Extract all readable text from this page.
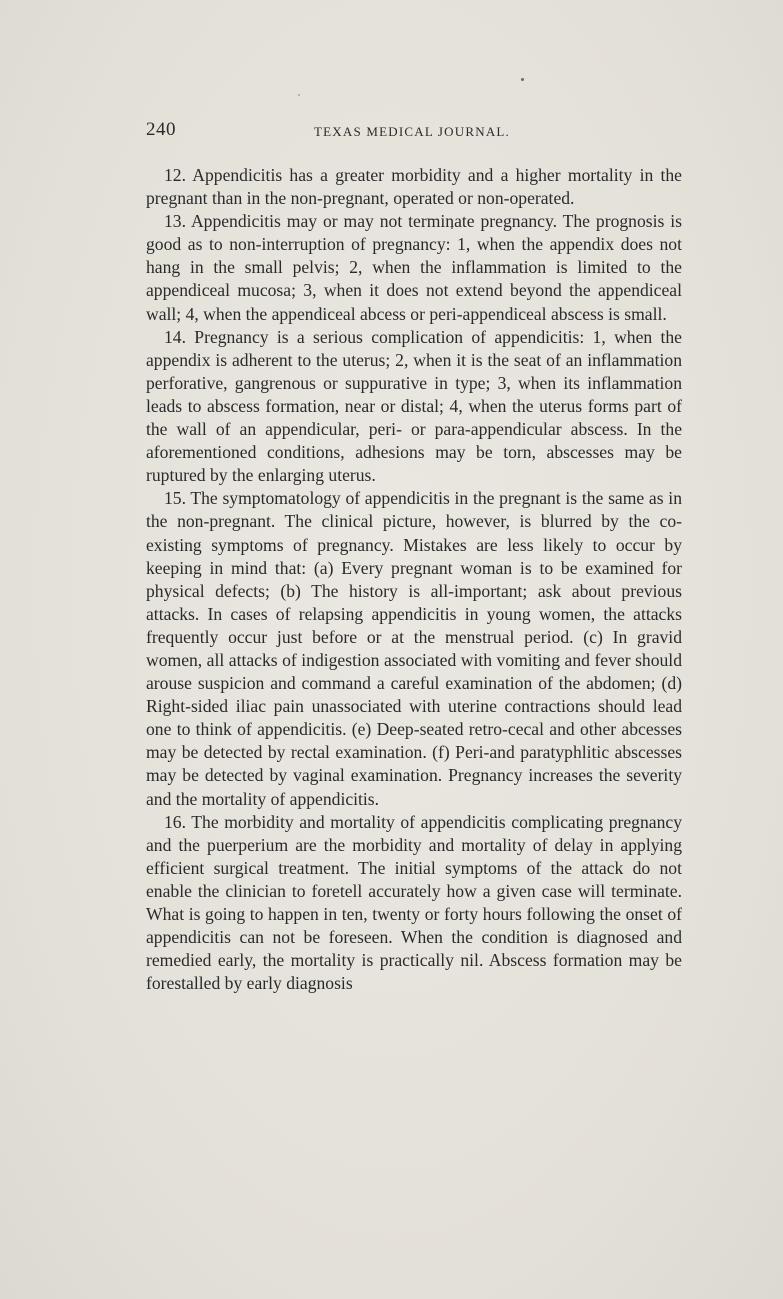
240	TEXAS MEDICAL JOURNAL.

12. Appendicitis has a greater morbidity and a higher mortality in the pregnant than in the non-pregnant, operated or non-operated.

13. Appendicitis may or may not terminate pregnancy. The prognosis is good as to non-interruption of pregnancy: 1, when the appendix does not hang in the small pelvis; 2, when the inflammation is limited to the appendiceal mucosa; 3, when it does not extend beyond the appendiceal wall; 4, when the appendiceal abcess or peri-appendiceal abscess is small.

14. Pregnancy is a serious complication of appendicitis: 1, when the appendix is adherent to the uterus; 2, when it is the seat of an inflammation perforative, gangrenous or suppurative in type; 3, when its inflammation leads to abscess formation, near or distal; 4, when the uterus forms part of the wall of an appendicular, peri- or para-appendicular abscess. In the aforementioned conditions, adhesions may be torn, abscesses may be ruptured by the enlarging uterus.

15. The symptomatology of appendicitis in the pregnant is the same as in the non-pregnant. The clinical picture, however, is blurred by the co-existing symptoms of pregnancy. Mistakes are less likely to occur by keeping in mind that: (a) Every pregnant woman is to be examined for physical defects; (b) The history is all-important; ask about previous attacks. In cases of relapsing appendicitis in young women, the attacks frequently occur just before or at the menstrual period. (c) In gravid women, all attacks of indigestion associated with vomiting and fever should arouse suspicion and command a careful examination of the abdomen; (d) Right-sided iliac pain unassociated with uterine contractions should lead one to think of appendicitis. (e) Deep-seated retro-cecal and other abcesses may be detected by rectal examination. (f) Peri-and paratyphlitic abscesses may be detected by vaginal examination. Pregnancy increases the severity and the mortality of appendicitis.

16. The morbidity and mortality of appendicitis complicating pregnancy and the puerperium are the morbidity and mortality of delay in applying efficient surgical treatment. The initial symptoms of the attack do not enable the clinician to foretell accurately how a given case will terminate. What is going to happen in ten, twenty or forty hours following the onset of appendicitis can not be foreseen. When the condition is diagnosed and remedied early, the mortality is practically nil. Abscess formation may be forestalled by early diagnosis
